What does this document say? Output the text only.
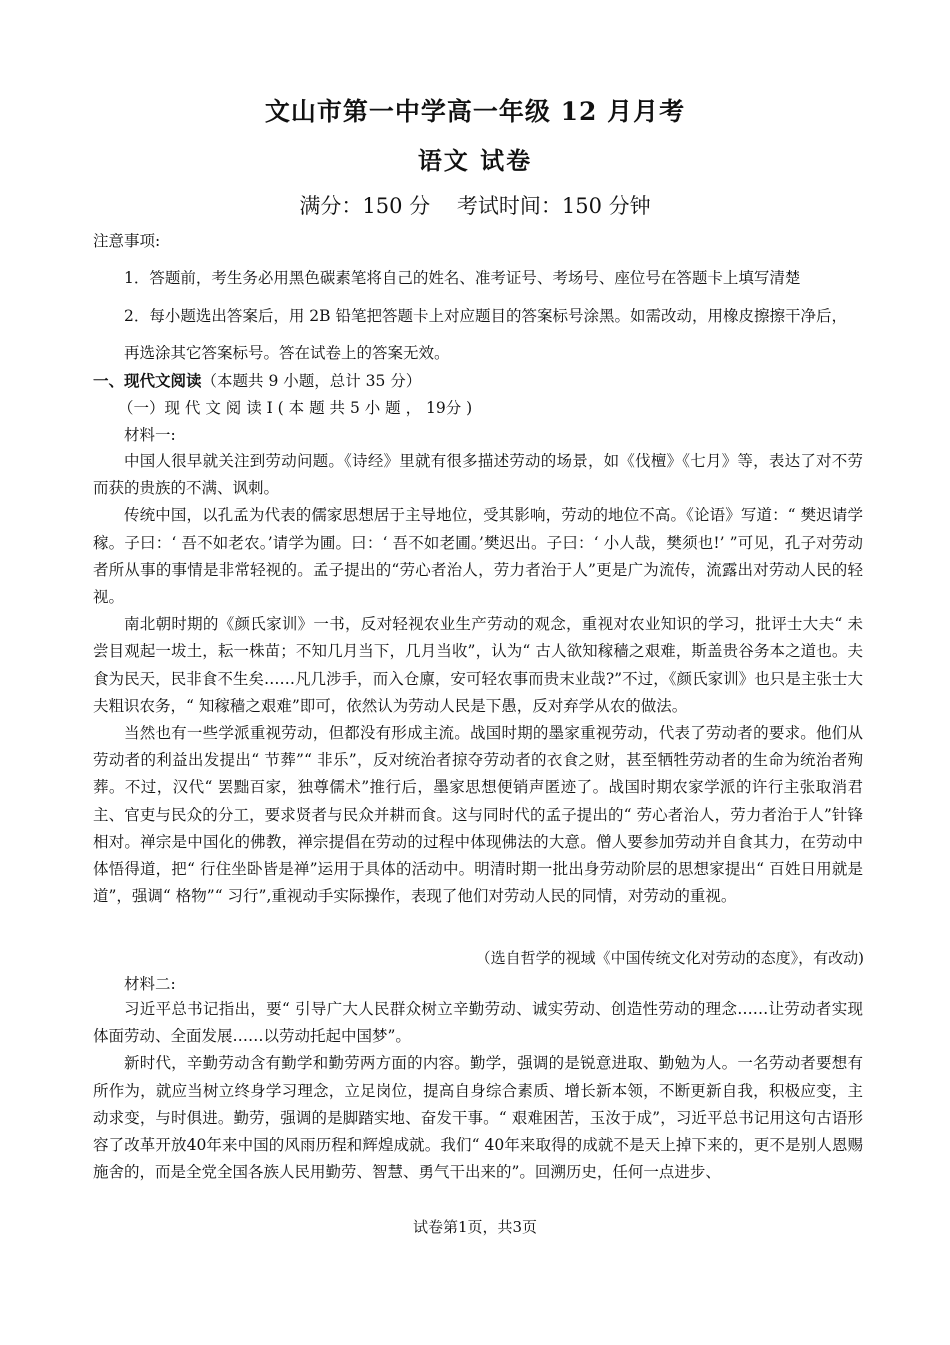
文山市第一中学高一年级 12 月月考
语文 试卷
满分：150 分    考试时间：150 分钟
注意事项:
1．答题前，考生务必用黑色碳素笔将自己的姓名、准考证号、考场号、座位号在答题卡上填写清楚
2．每小题选出答案后，用 2B 铅笔把答题卡上对应题目的答案标号涂黑。如需改动，用橡皮擦擦干净后，
再选涂其它答案标号。答在试卷上的答案无效。
一、现代文阅读（本题共 9 小题，总计 35 分）
（一）现 代 文 阅 读 I ( 本 题 共 5 小 题 ， 19分 )
材料一:

中国人很早就关注到劳动问题。《诗经》里就有很多描述劳动的场景，如《伐檀》《七月》等，表达了对不劳而获的贵族的不满、讽刺。

传统中国，以孔孟为代表的儒家思想居于主导地位，受其影响，劳动的地位不高。《论语》写道：“ 樊迟请学稼。子曰：‘ 吾不如老农。’请学为圃。曰：‘ 吾不如老圃。’樊迟出。子曰：‘ 小人哉，樊须也!’ ”可见，孔子对劳动者所从事的事情是非常轻视的。孟子提出的“劳心者治人，劳力者治于人”更是广为流传，流露出对劳动人民的轻视。

南北朝时期的《颜氏家训》一书，反对轻视农业生产劳动的观念，重视对农业知识的学习，批评士大夫“ 未尝目观起一坺土，耘一株苗；不知几月当下，几月当收”，认为“ 古人欲知稼穑之艰难，斯盖贵谷务本之道也。夫食为民天，民非食不生矣……凡几涉手，而入仓廪，安可轻农事而贵末业哉?”不过，《颜氏家训》也只是主张士大夫粗识农务，“ 知稼穑之艰难”即可，依然认为劳动人民是下愚，反对弃学从农的做法。

当然也有一些学派重视劳动，但都没有形成主流。战国时期的墨家重视劳动，代表了劳动者的要求。他们从劳动者的利益出发提出“ 节葬”“ 非乐”，反对统治者掠夺劳动者的衣食之财，甚至牺牲劳动者的生命为统治者殉葬。不过，汉代“ 罢黜百家，独尊儒术”推行后，墨家思想便销声匿迹了。战国时期农家学派的许行主张取消君主、官吏与民众的分工，要求贤者与民众并耕而食。这与同时代的孟子提出的“ 劳心者治人，劳力者治于人”针锋相对。禅宗是中国化的佛教，禅宗提倡在劳动的过程中体现佛法的大意。僧人要参加劳动并自食其力，在劳动中体悟得道，把“ 行住坐卧皆是禅”运用于具体的活动中。明清时期一批出身劳动阶层的思想家提出“ 百姓日用就是道”，强调“ 格物”“ 习行”,重视动手实际操作，表现了他们对劳动人民的同情，对劳动的重视。

（选自哲学的视域《中国传统文化对劳动的态度》，有改动)
材料二:

习近平总书记指出，要“ 引导广大人民群众树立辛勤劳动、诚实劳动、创造性劳动的理念……让劳动者实现体面劳动、全面发展……以劳动托起中国梦”。

新时代，辛勤劳动含有勤学和勤劳两方面的内容。勤学，强调的是锐意进取、勤勉为人。一名劳动者要想有所作为，就应当树立终身学习理念，立足岗位，提高自身综合素质、增长新本领，不断更新自我，积极应变，主动求变，与时俱进。勤劳，强调的是脚踏实地、奋发干事。“ 艰难困苦，玉汝于成”，习近平总书记用这句古语形容了改革开放40年来中国的风雨历程和辉煌成就。我们“ 40年来取得的成就不是天上掉下来的，更不是别人恩赐施舍的，而是全党全国各族人民用勤劳、智慧、勇气干出来的”。回溯历史，任何一点进步、

试卷第1页，共3页
